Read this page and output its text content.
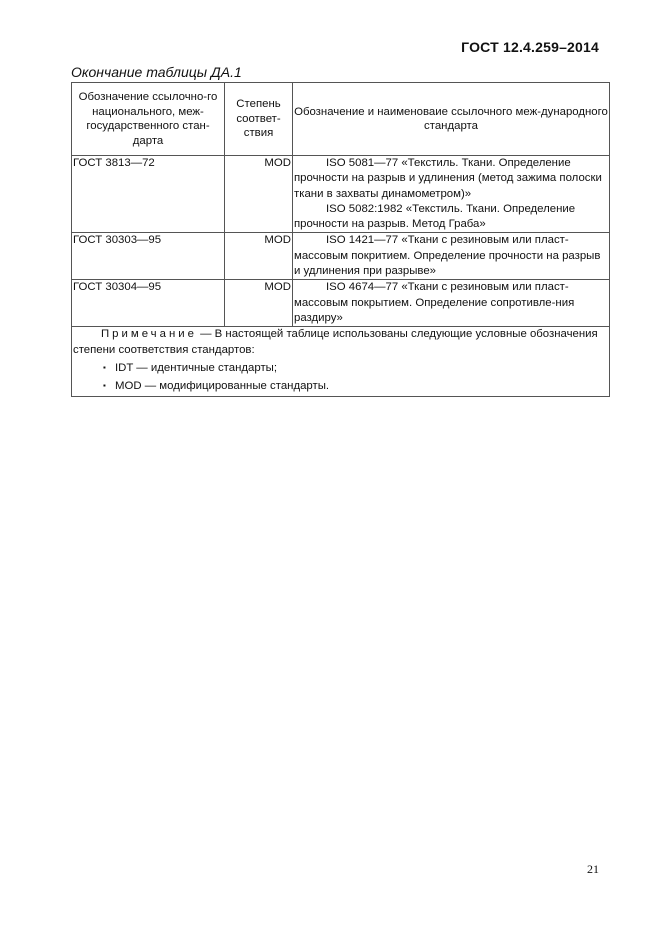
ГОСТ 12.4.259–2014
Окончание таблицы ДА.1
Обозначение ссылочно-го национального, меж-государственного стан-дарта	Степень соответ-ствия	Обозначение и наименоваие ссылочного меж-дународного стандарта
ГОСТ 3813—72	MOD	ISO 5081—77 «Текстиль. Ткани. Определение прочности на разрыв и удлинения (метод зажима полоски ткани в захваты динамометром)»
ISO 5082:1982 «Текстиль. Ткани. Определение прочности на разрыв. Метод Граба»

ГОСТ 30303—95	MOD	ISO 1421—77 «Ткани с резиновым или пласт-массовым покритием. Определение прочности на разрыв и удлинения при разрыве»

ГОСТ 30304—95	MOD	ISO 4674—77 «Ткани с резиновым или пласт-массовым покрытием. Определение сопротивле-ния раздиру»

Примечание — В настоящей таблице использованы следующие условные обозначения степени соответствия стандартов:
▪ IDT — идентичные стандарты;
▪ MOD — модифицированные стандарты.		
21
